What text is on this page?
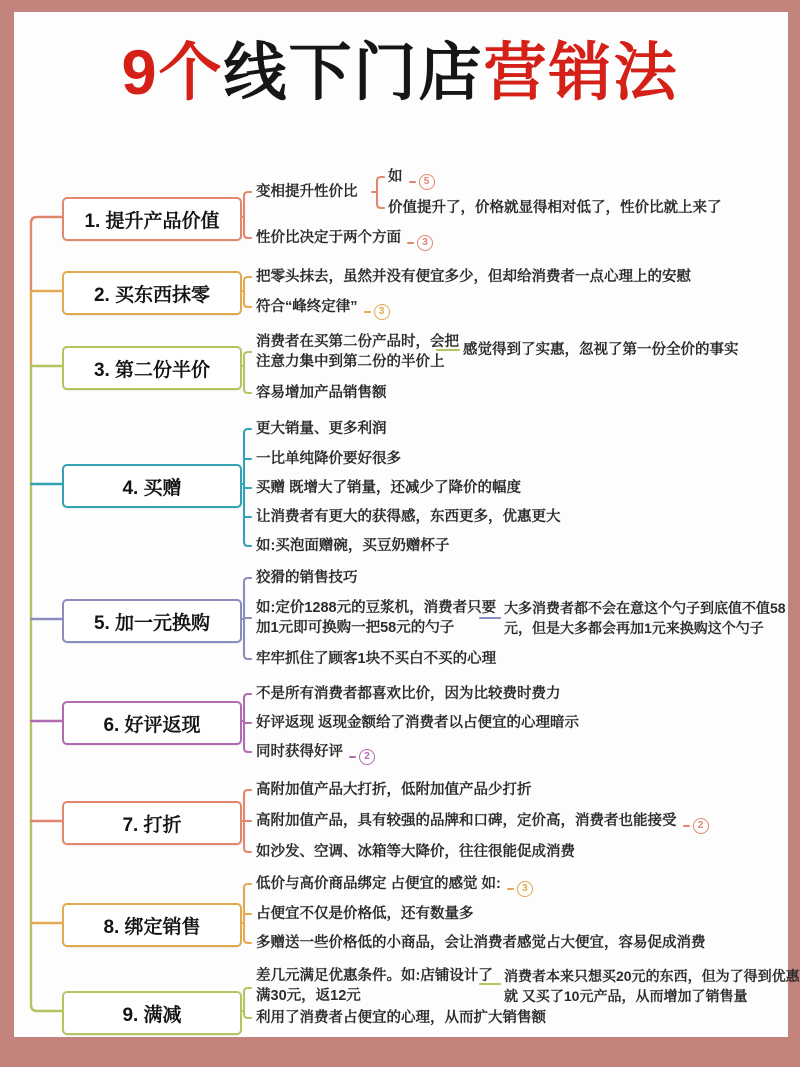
9个线下门店营销法
1. 提升产品价值
变相提升性价比
如	5
价值提升了，价格就显得相对低了，性价比就上来了
性价比决定于两个方面	3
2. 买东西抹零
把零头抹去，虽然并没有便宜多少，但却给消费者一点心理上的安慰
符合“峰终定律”	3
3. 第二份半价
消费者在买第二份产品时，会把
注意力集中到第二份的半价上
感觉得到了实惠，忽视了第一份全价的事实
容易增加产品销售额
4. 买赠
更大销量、更多利润
一比单纯降价要好很多
买赠 既增大了销量，还减少了降价的幅度
让消费者有更大的获得感，东西更多，优惠更大
如:买泡面赠碗，买豆奶赠杯子
5. 加一元换购
狡猾的销售技巧
如:定价1288元的豆浆机，消费者只要
加1元即可换购一把58元的勺子
大多消费者都不会在意这个勺子到底值不值58
元，但是大多都会再加1元来换购这个勺子
牢牢抓住了顾客1块不买白不买的心理
6. 好评返现
不是所有消费者都喜欢比价，因为比较费时费力
好评返现 返现金额给了消费者以占便宜的心理暗示
同时获得好评	2
7. 打折
高附加值产品大打折，低附加值产品少打折
高附加值产品，具有较强的品牌和口碑，定价高，消费者也能接受	2
如沙发、空调、冰箱等大降价，往往很能促成消费
8. 绑定销售
低价与高价商品绑定 占便宜的感觉 如:	3
占便宜不仅是价格低，还有数量多
多赠送一些价格低的小商品，会让消费者感觉占大便宜，容易促成消费
9. 满减
差几元满足优惠条件。如:店铺设计了
满30元，返12元
消费者本来只想买20元的东西，但为了得到优惠
就 又买了10元产品，从而增加了销售量
利用了消费者占便宜的心理，从而扩大销售额
